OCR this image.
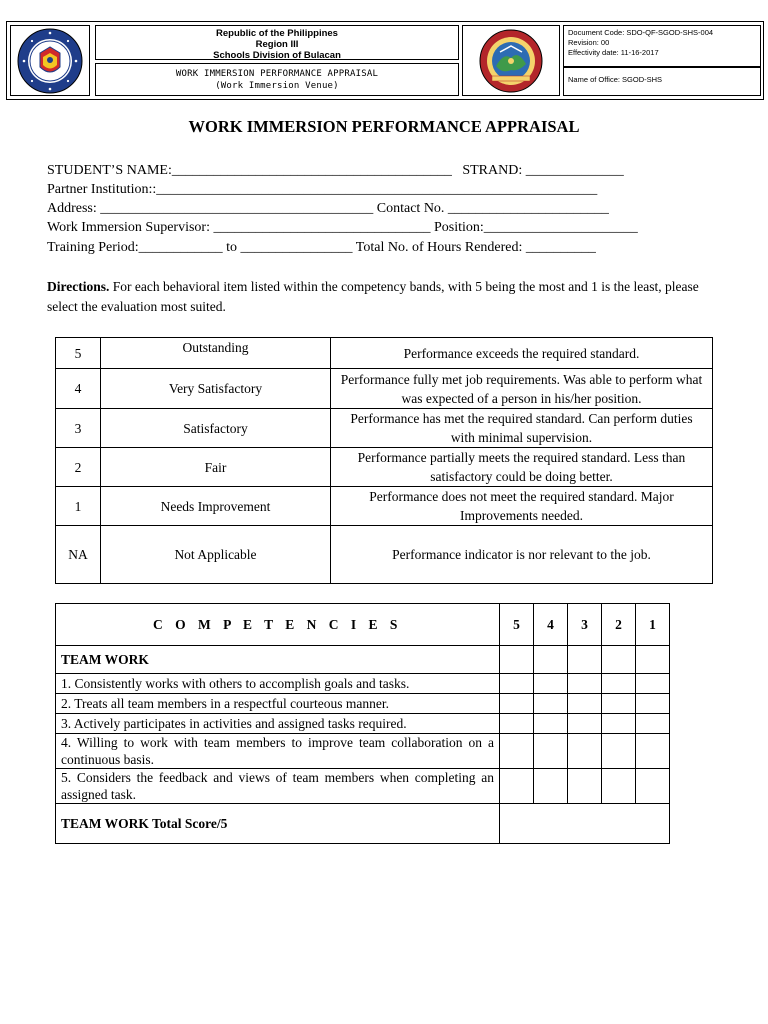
Republic of the Philippines
Region III
Schools Division of Bulacan
WORK IMMERSION PERFORMANCE APPRAISAL
(Work Immersion Venue)
Document Code: SDO-QF-SGOD-SHS-004
Revision: 00
Effectivity date: 11-16-2017
Name of Office: SGOD-SHS
WORK IMMERSION PERFORMANCE APPRAISAL
STUDENT’S NAME:________________________________________   STRAND: ______________
Partner Institution::_______________________________________________________________
Address: _______________________________________ Contact No. _______________________
Work Immersion Supervisor: _______________________________ Position:______________________
Training Period:____________ to ________________ Total No. of Hours Rendered: __________
Directions. For each behavioral item listed within the competency bands, with 5 being the most and 1 is the least, please select the evaluation most suited.
5	Outstanding	Performance exceeds the required standard.
4	Very Satisfactory	Performance fully met job requirements. Was able to perform what was expected of a person in his/her position.
3	Satisfactory	Performance has met the required standard. Can perform duties with minimal supervision.
2	Fair	Performance partially meets the required standard. Less than satisfactory could be doing better.
1	Needs Improvement	Performance does not meet the required standard. Major Improvements needed.
NA	Not Applicable	Performance indicator is nor relevant to the job.
C O M P E T E N C I E S	5	4	3	2	1
TEAM WORK					
1. Consistently works with others to accomplish goals and tasks.					
2. Treats all team members in a respectful courteous manner.					
3. Actively participates in activities and assigned tasks required.					
4. Willing to work with team members to improve team collaboration on a continuous basis.					
5. Considers the feedback and views of team members when completing an assigned task.					
TEAM WORK Total Score/5					
